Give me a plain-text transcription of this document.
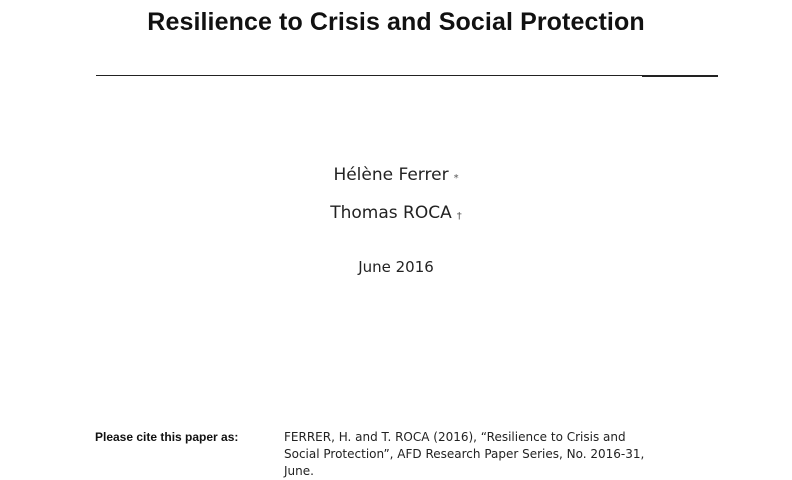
Resilience to Crisis and Social Protection
Hélène Ferrer *
Thomas ROCA †
June 2016
Please cite this paper as:	FERRER, H. and T. ROCA (2016), “Resilience to Crisis and Social Protection”, AFD Research Paper Series, No. 2016-31, June.
